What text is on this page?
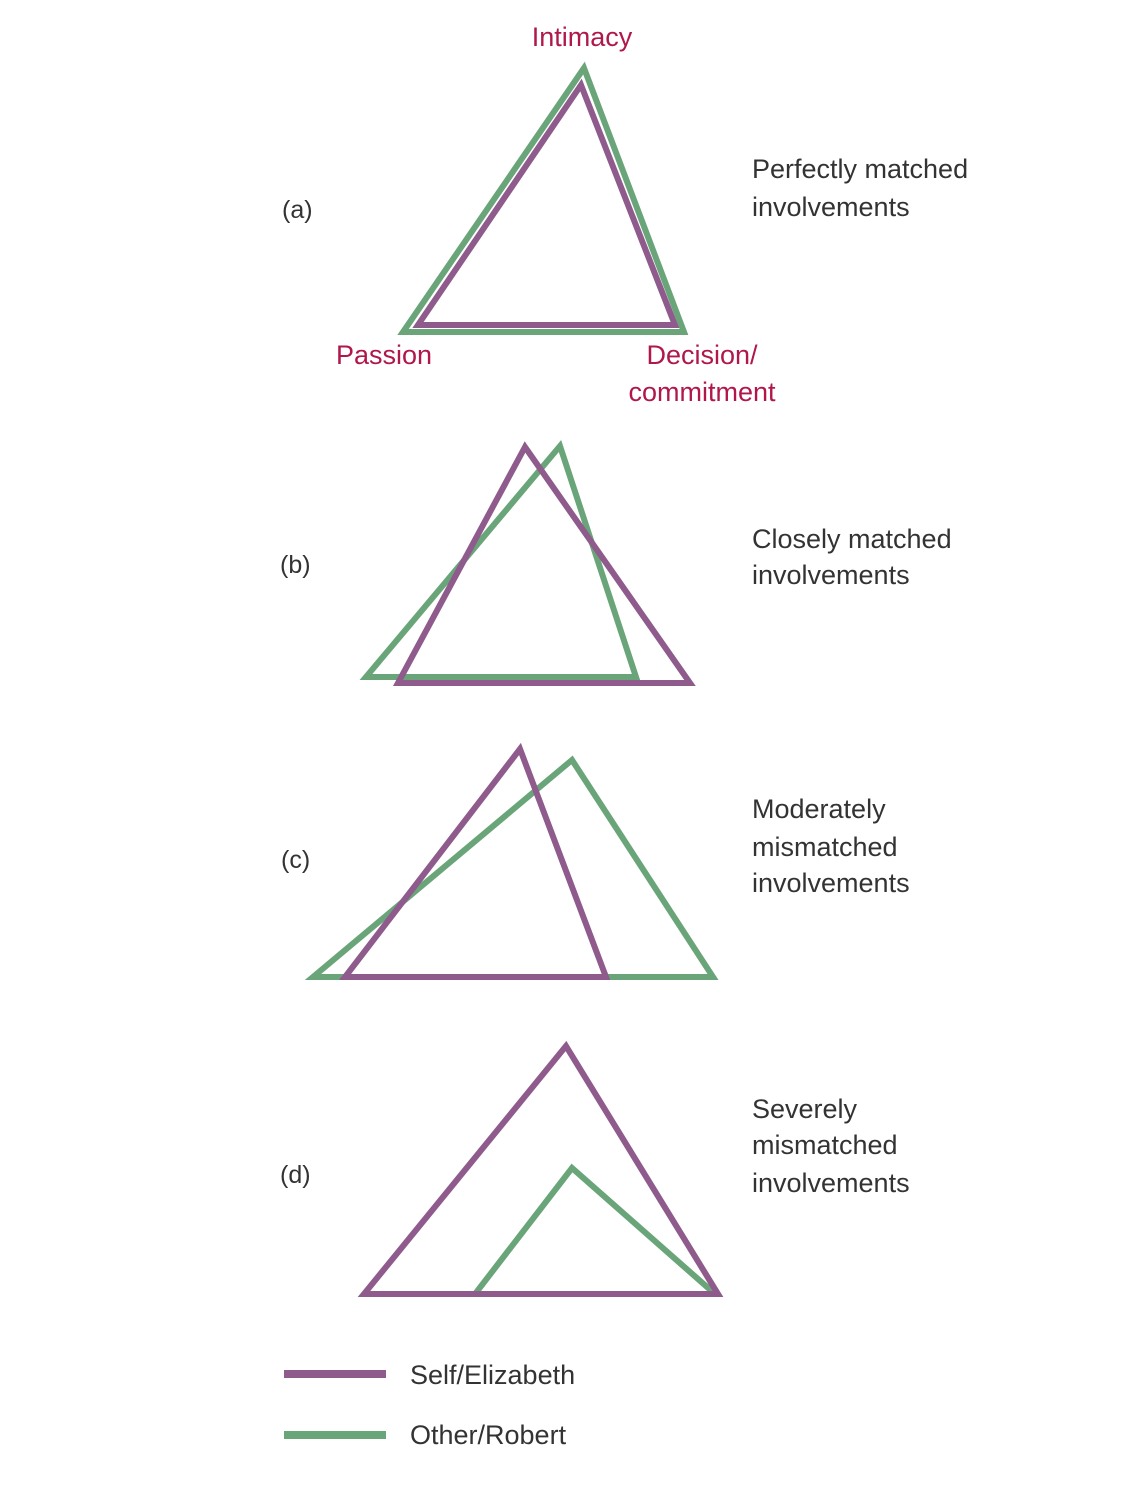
Intimacy
Passion	Decision/
commitment
(a)
Perfectly matched involvements
(b)
Closely matched involvements
(c)
Moderately mismatched involvements
(d)
Severely mismatched involvements
Self/Elizabeth
Other/Robert
